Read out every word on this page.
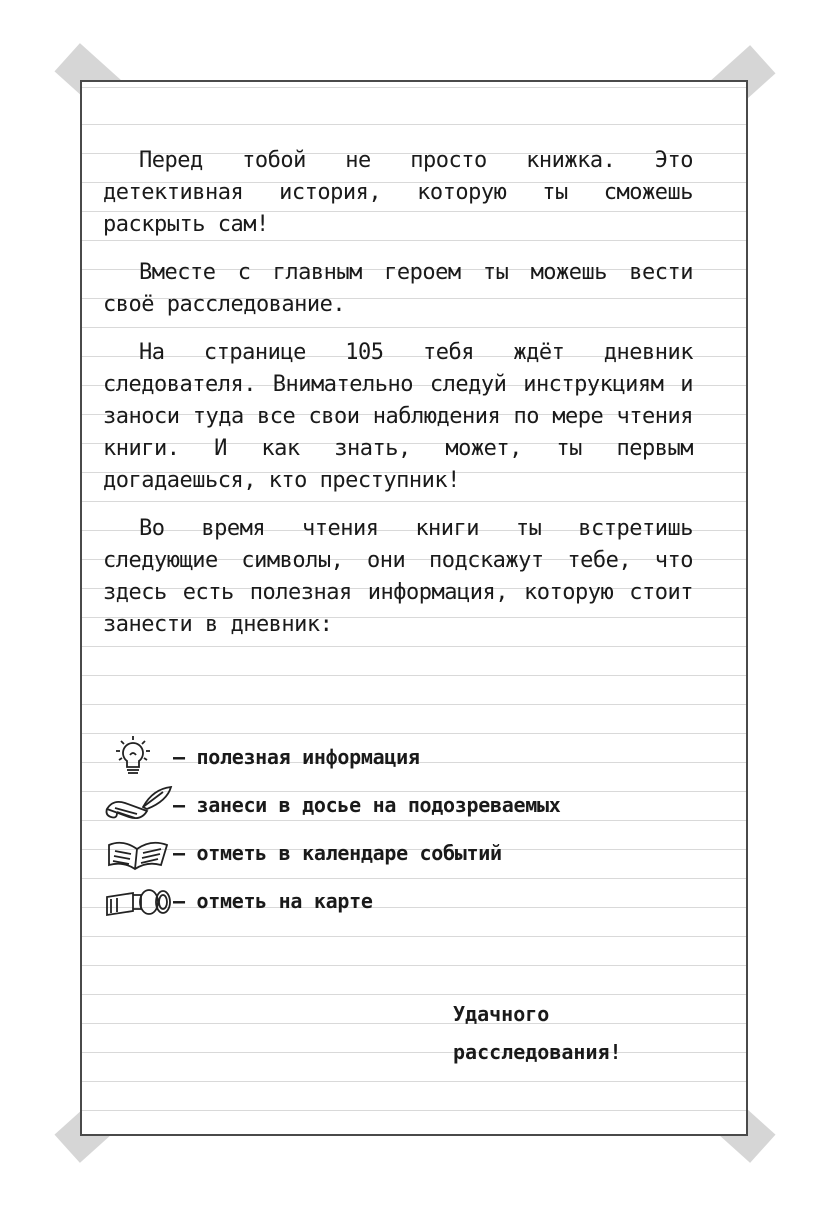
Перед тобой не просто книжка. Это детективная история, которую ты сможешь раскрыть сам!

Вместе с главным героем ты можешь вести своё расследование.

На странице 105 тебя ждёт дневник следователя. Внимательно следуй инструкциям и заноси туда все свои наблюдения по мере чтения книги. И как знать, может, ты первым догадаешься, кто преступник!

Во время чтения книги ты встретишь следующие символы, они подскажут тебе, что здесь есть полезная информация, которую стоит занести в дневник:

— полезная информация
— занеси в досье на подозреваемых
— отметь в календаре событий
— отметь на карте
Удачного
расследования!
